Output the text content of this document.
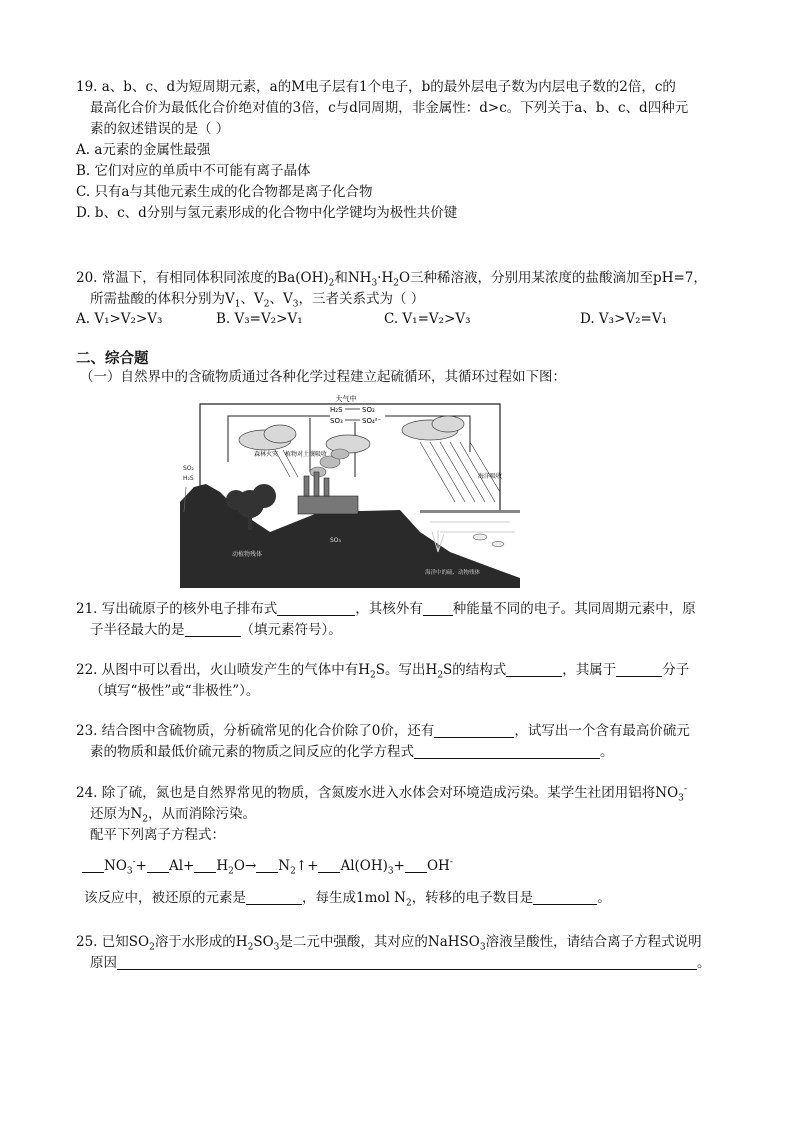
19. a、b、c、d为短周期元素，a的M电子层有1个电子，b的最外层电子数为内层电子数的2倍，c的
最高化合价为最低化合价绝对值的3倍，c与d同周期，非金属性：d>c。下列关于a、b、c、d四种元
素的叙述错误的是（ ）
A. a元素的金属性最强
B. 它们对应的单质中不可能有离子晶体
C. 只有a与其他元素生成的化合物都是离子化合物
D. b、c、d分别与氢元素形成的化合物中化学键均为极性共价键
20. 常温下，有相同体积同浓度的$Ba(OH)_2$和$NH_3\cdot H_2O$三种稀溶液，分别用某浓度的盐酸滴加至pH=7，
所需盐酸的体积分别为$V_1$、$V_2$、$V_3$，三者关系式为（ ）
A. V₁>V₂>V₃	B. V₃=V₂>V₁	C. V₁=V₂>V₃	D. V₃>V₂=V₁
二、综合题
（一）自然界中的含硫物质通过各种化学过程建立起硫循环，其循环过程如下图：
大气中
H₂S	SO₂
SO₃	SO₄²⁻
海洋吸收
森林火灾 植物对土壤吸收
SO₂
H₂S
动植物残体
SO₃
海洋中的硫、动物残体
21. 写出硫原子的核外电子排布式	，其核外有 种能量不同的电子。其同周期元素中，原
子半径最大的是	（填元素符号）。
22. 从图中可以看出，火山喷发产生的气体中有$H_2S$。写出$H_2S$的结构式	，其属于	分子
（填写“极性”或“非极性”）。
23. 结合图中含硫物质，分析硫常见的化合价除了0价，还有	，试写出一个含有最高价硫元
素的物质和最低价硫元素的物质之间反应的化学方程式	。
24. 除了硫，氮也是自然界常见的物质，含氮废水进入水体会对环境造成污染。某学生社团用铝将$NO_3^-$
还原为$N_2$，从而消除污染。
配平下列离子方程式：
$NO_3^-+ Al+ H_2O\to$ $N_2↑+ Al(OH)_3+ OH^-$
该反应中，被还原的元素是	，每生成1mol $N_2$，转移的电子数目是	。
25. 已知$SO_2$溶于水形成的$H_2SO_3$是二元中强酸，其对应的NaHSO$_3$溶液呈酸性，请结合离子方程式说明
原因	。
